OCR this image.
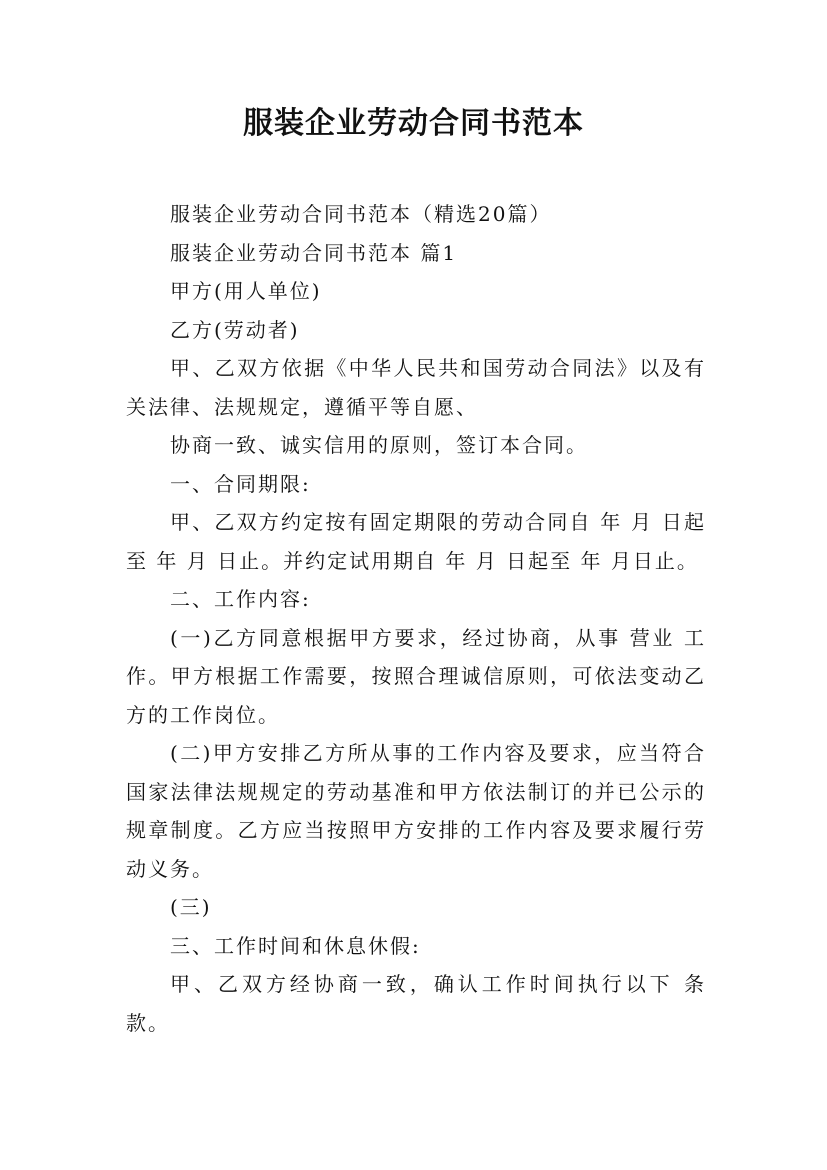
服装企业劳动合同书范本

服装企业劳动合同书范本（精选20篇）

服装企业劳动合同书范本 篇1

甲方(用人单位)

乙方(劳动者)

甲、乙双方依据《中华人民共和国劳动合同法》以及有关法律、法规规定，遵循平等自愿、

协商一致、诚实信用的原则，签订本合同。

一、合同期限:

甲、乙双方约定按有固定期限的劳动合同自 年 月 日起至 年 月 日止。并约定试用期自 年 月 日起至 年 月日止。

二、工作内容:

(一)乙方同意根据甲方要求，经过协商，从事 营业 工作。甲方根据工作需要，按照合理诚信原则，可依法变动乙方的工作岗位。

(二)甲方安排乙方所从事的工作内容及要求，应当符合国家法律法规规定的劳动基准和甲方依法制订的并已公示的规章制度。乙方应当按照甲方安排的工作内容及要求履行劳动义务。

(三)

三、工作时间和休息休假:

甲、乙双方经协商一致，确认工作时间执行以下 条款。
